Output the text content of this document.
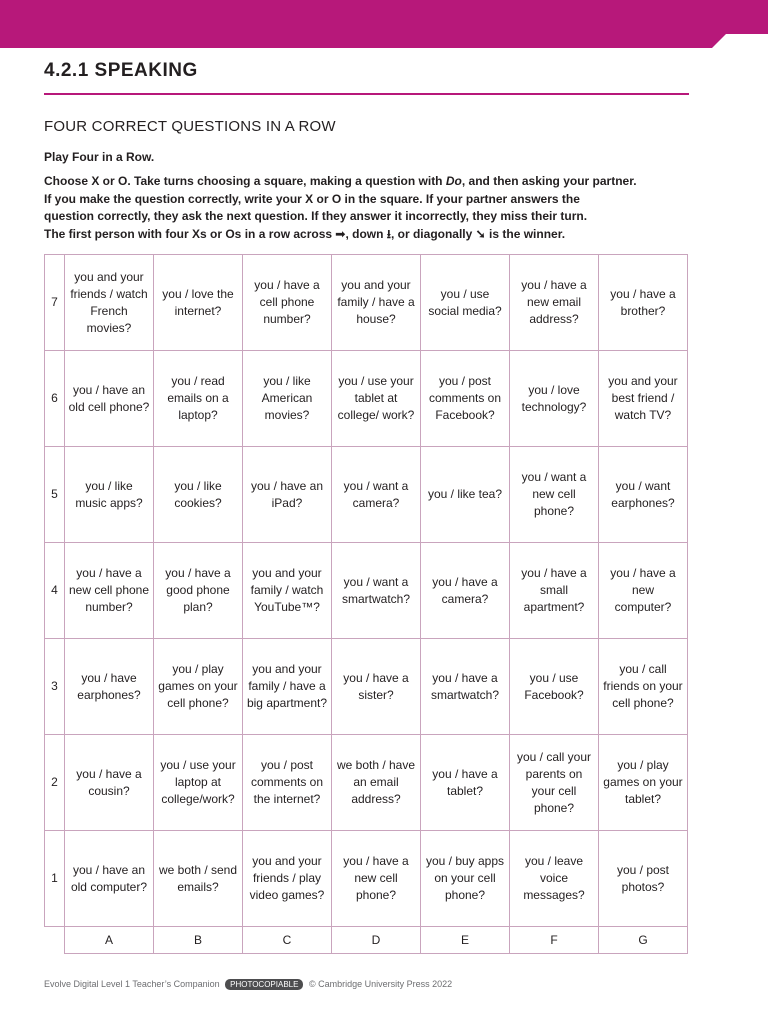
4.2.1 SPEAKING
FOUR CORRECT QUESTIONS IN A ROW
Play Four in a Row.

Choose X or O. Take turns choosing a square, making a question with Do, and then asking your partner.

If you make the question correctly, write your X or O in the square. If your partner answers the

question correctly, they ask the next question. If they answer it incorrectly, they miss their turn.

The first person with four Xs or Os in a row across ➟, down ⭳, or diagonally ➘ is the winner.

7	you and your friends / watch French movies?	you / love the internet?	you / have a cell phone number?	you and your family / have a house?	you / use social media?	you / have a new email address?	you / have a brother?
6	you / have an old cell phone?	you / read emails on a laptop?	you / like American movies?	you / use your tablet at college/ work?	you / post comments on Facebook?	you / love technology?	you and your best friend / watch TV?
5	you / like music apps?	you / like cookies?	you / have an iPad?	you / want a camera?	you / like tea?	you / want a new cell phone?	you / want earphones?
4	you / have a new cell phone number?	you / have a good phone plan?	you and your family / watch YouTube™?	you / want a smartwatch?	you / have a camera?	you / have a small apartment?	you / have a new computer?
3	you / have earphones?	you / play games on your cell phone?	you and your family / have a big apartment?	you / have a sister?	you / have a smartwatch?	you / use Facebook?	you / call friends on your cell phone?
2	you / have a cousin?	you / use your laptop at college/work?	you / post comments on the internet?	we both / have an email address?	you / have a tablet?	you / call your parents on your cell phone?	you / play games on your tablet?
1	you / have an old computer?	we both / send emails?	you and your friends / play video games?	you / have a new cell phone?	you / buy apps on your cell phone?	you / leave voice messages?	you / post photos?
	A	B	C	D	E	F	G
Evolve Digital Level 1 Teacher’s Companion PHOTOCOPIABLE © Cambridge University Press 2022
